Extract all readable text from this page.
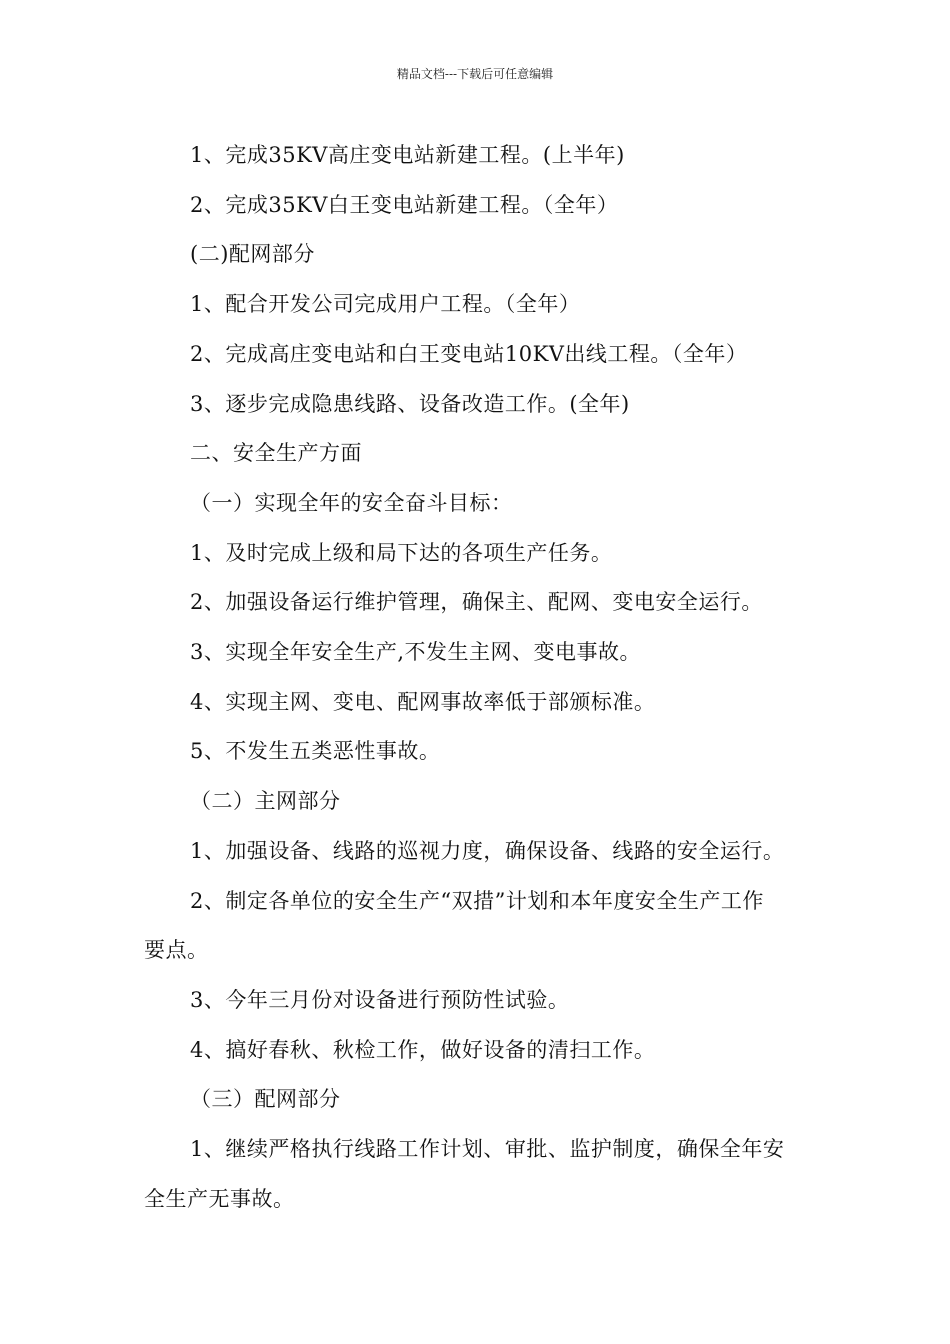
精品文档---下载后可任意编辑

1、完成35KV高庄变电站新建工程。(上半年)

2、完成35KV白王变电站新建工程。（全年）

(二)配网部分

1、配合开发公司完成用户工程。（全年）

2、完成高庄变电站和白王变电站10KV出线工程。（全年）

3、逐步完成隐患线路、设备改造工作。(全年)

二、安全生产方面

（一）实现全年的安全奋斗目标：

1、及时完成上级和局下达的各项生产任务。

2、加强设备运行维护管理，确保主、配网、变电安全运行。

3、实现全年安全生产,不发生主网、变电事故。

4、实现主网、变电、配网事故率低于部颁标准。

5、不发生五类恶性事故。

（二）主网部分

1、加强设备、线路的巡视力度，确保设备、线路的安全运行。

2、制定各单位的安全生产“双措”计划和本年度安全生产工作

要点。

3、今年三月份对设备进行预防性试验。

4、搞好春秋、秋检工作，做好设备的清扫工作。

（三）配网部分

1、继续严格执行线路工作计划、审批、监护制度，确保全年安

全生产无事故。
